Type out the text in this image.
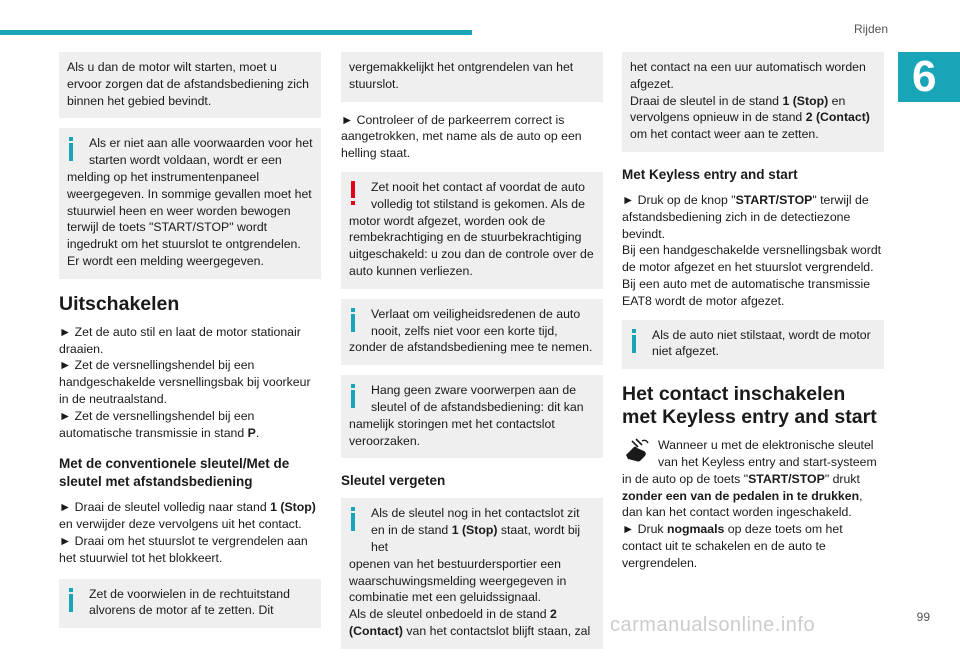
Rijden
6
Als u dan de motor wilt starten, moet u ervoor zorgen dat de afstandsbediening zich binnen het gebied bevindt.
Als er niet aan alle voorwaarden voor het starten wordt voldaan, wordt er een
melding op het instrumentenpaneel weergegeven. In sommige gevallen moet het stuurwiel heen en weer worden bewogen terwijl de toets "START/STOP" wordt ingedrukt om het stuurslot te ontgrendelen. Er wordt een melding weergegeven.
Uitschakelen
► Zet de auto stil en laat de motor stationair draaien.
► Zet de versnellingshendel bij een handgeschakelde versnellingsbak bij voorkeur in de neutraalstand.
► Zet de versnellingshendel bij een automatische transmissie in stand P.
Met de conventionele sleutel/Met de sleutel met afstandsbediening
► Draai de sleutel volledig naar stand 1 (Stop) en verwijder deze vervolgens uit het contact.
► Draai om het stuurslot te vergrendelen aan het stuurwiel tot het blokkeert.
Zet de voorwielen in de rechtuitstand
alvorens de motor af te zetten. Dit
vergemakkelijkt het ontgrendelen van het stuurslot.
► Controleer of de parkeerrem correct is aangetrokken, met name als de auto op een helling staat.
Zet nooit het contact af voordat de auto volledig tot stilstand is gekomen. Als de
motor wordt afgezet, worden ook de rembekrachtiging en de stuurbekrachtiging uitgeschakeld: u zou dan de controle over de auto kunnen verliezen.
Verlaat om veiligheidsredenen de auto nooit, zelfs niet voor een korte tijd,
zonder de afstandsbediening mee te nemen.
Hang geen zware voorwerpen aan de sleutel of de afstandsbediening: dit kan
namelijk storingen met het contactslot veroorzaken.
Sleutel vergeten
Als de sleutel nog in het contactslot zit en in de stand 1 (Stop) staat, wordt bij het
openen van het bestuurdersportier een waarschuwingsmelding weergegeven in combinatie met een geluidssignaal.
Als de sleutel onbedoeld in de stand 2 (Contact) van het contactslot blijft staan, zal
het contact na een uur automatisch worden afgezet.
Draai de sleutel in de stand 1 (Stop) en vervolgens opnieuw in de stand 2 (Contact) om het contact weer aan te zetten.
Met Keyless entry and start
► Druk op de knop "START/STOP" terwijl de afstandsbediening zich in de detectiezone bevindt.
Bij een handgeschakelde versnellingsbak wordt de motor afgezet en het stuurslot vergrendeld.
Bij een auto met de automatische transmissie EAT8 wordt de motor afgezet.
Als de auto niet stilstaat, wordt de motor
niet afgezet.
Het contact inschakelen met Keyless entry and start
Wanneer u met de elektronische sleutel van het Keyless entry and start-systeem in de auto op de toets "START/STOP" drukt zonder een van de pedalen in te drukken, dan kan het contact worden ingeschakeld.
► Druk nogmaals op deze toets om het contact uit te schakelen en de auto te vergrendelen.
99
carmanualsonline.info
